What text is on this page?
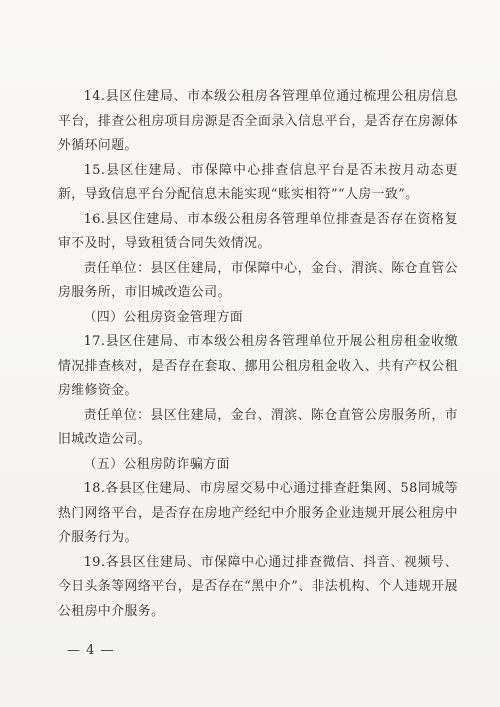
14.县区住建局、市本级公租房各管理单位通过梳理公租房信息平台，排查公租房项目房源是否全面录入信息平台，是否存在房源体外循环问题。

15.县区住建局、市保障中心排查信息平台是否未按月动态更新，导致信息平台分配信息未能实现“账实相符”“人房一致”。

16.县区住建局、市本级公租房各管理单位排查是否存在资格复审不及时，导致租赁合同失效情况。

责任单位：县区住建局，市保障中心，金台、渭滨、陈仓直管公房服务所，市旧城改造公司。

（四）公租房资金管理方面

17.县区住建局、市本级公租房各管理单位开展公租房租金收缴情况排查核对，是否存在套取、挪用公租房租金收入、共有产权公租房维修资金。

责任单位：县区住建局，金台、渭滨、陈仓直管公房服务所，市旧城改造公司。

（五）公租房防诈骗方面

18.各县区住建局、市房屋交易中心通过排查赶集网、58同城等热门网络平台，是否存在房地产经纪中介服务企业违规开展公租房中介服务行为。

19.各县区住建局、市保障中心通过排查微信、抖音、视频号、今日头条等网络平台，是否存在“黑中介”、非法机构、个人违规开展公租房中介服务。

— 4 —
